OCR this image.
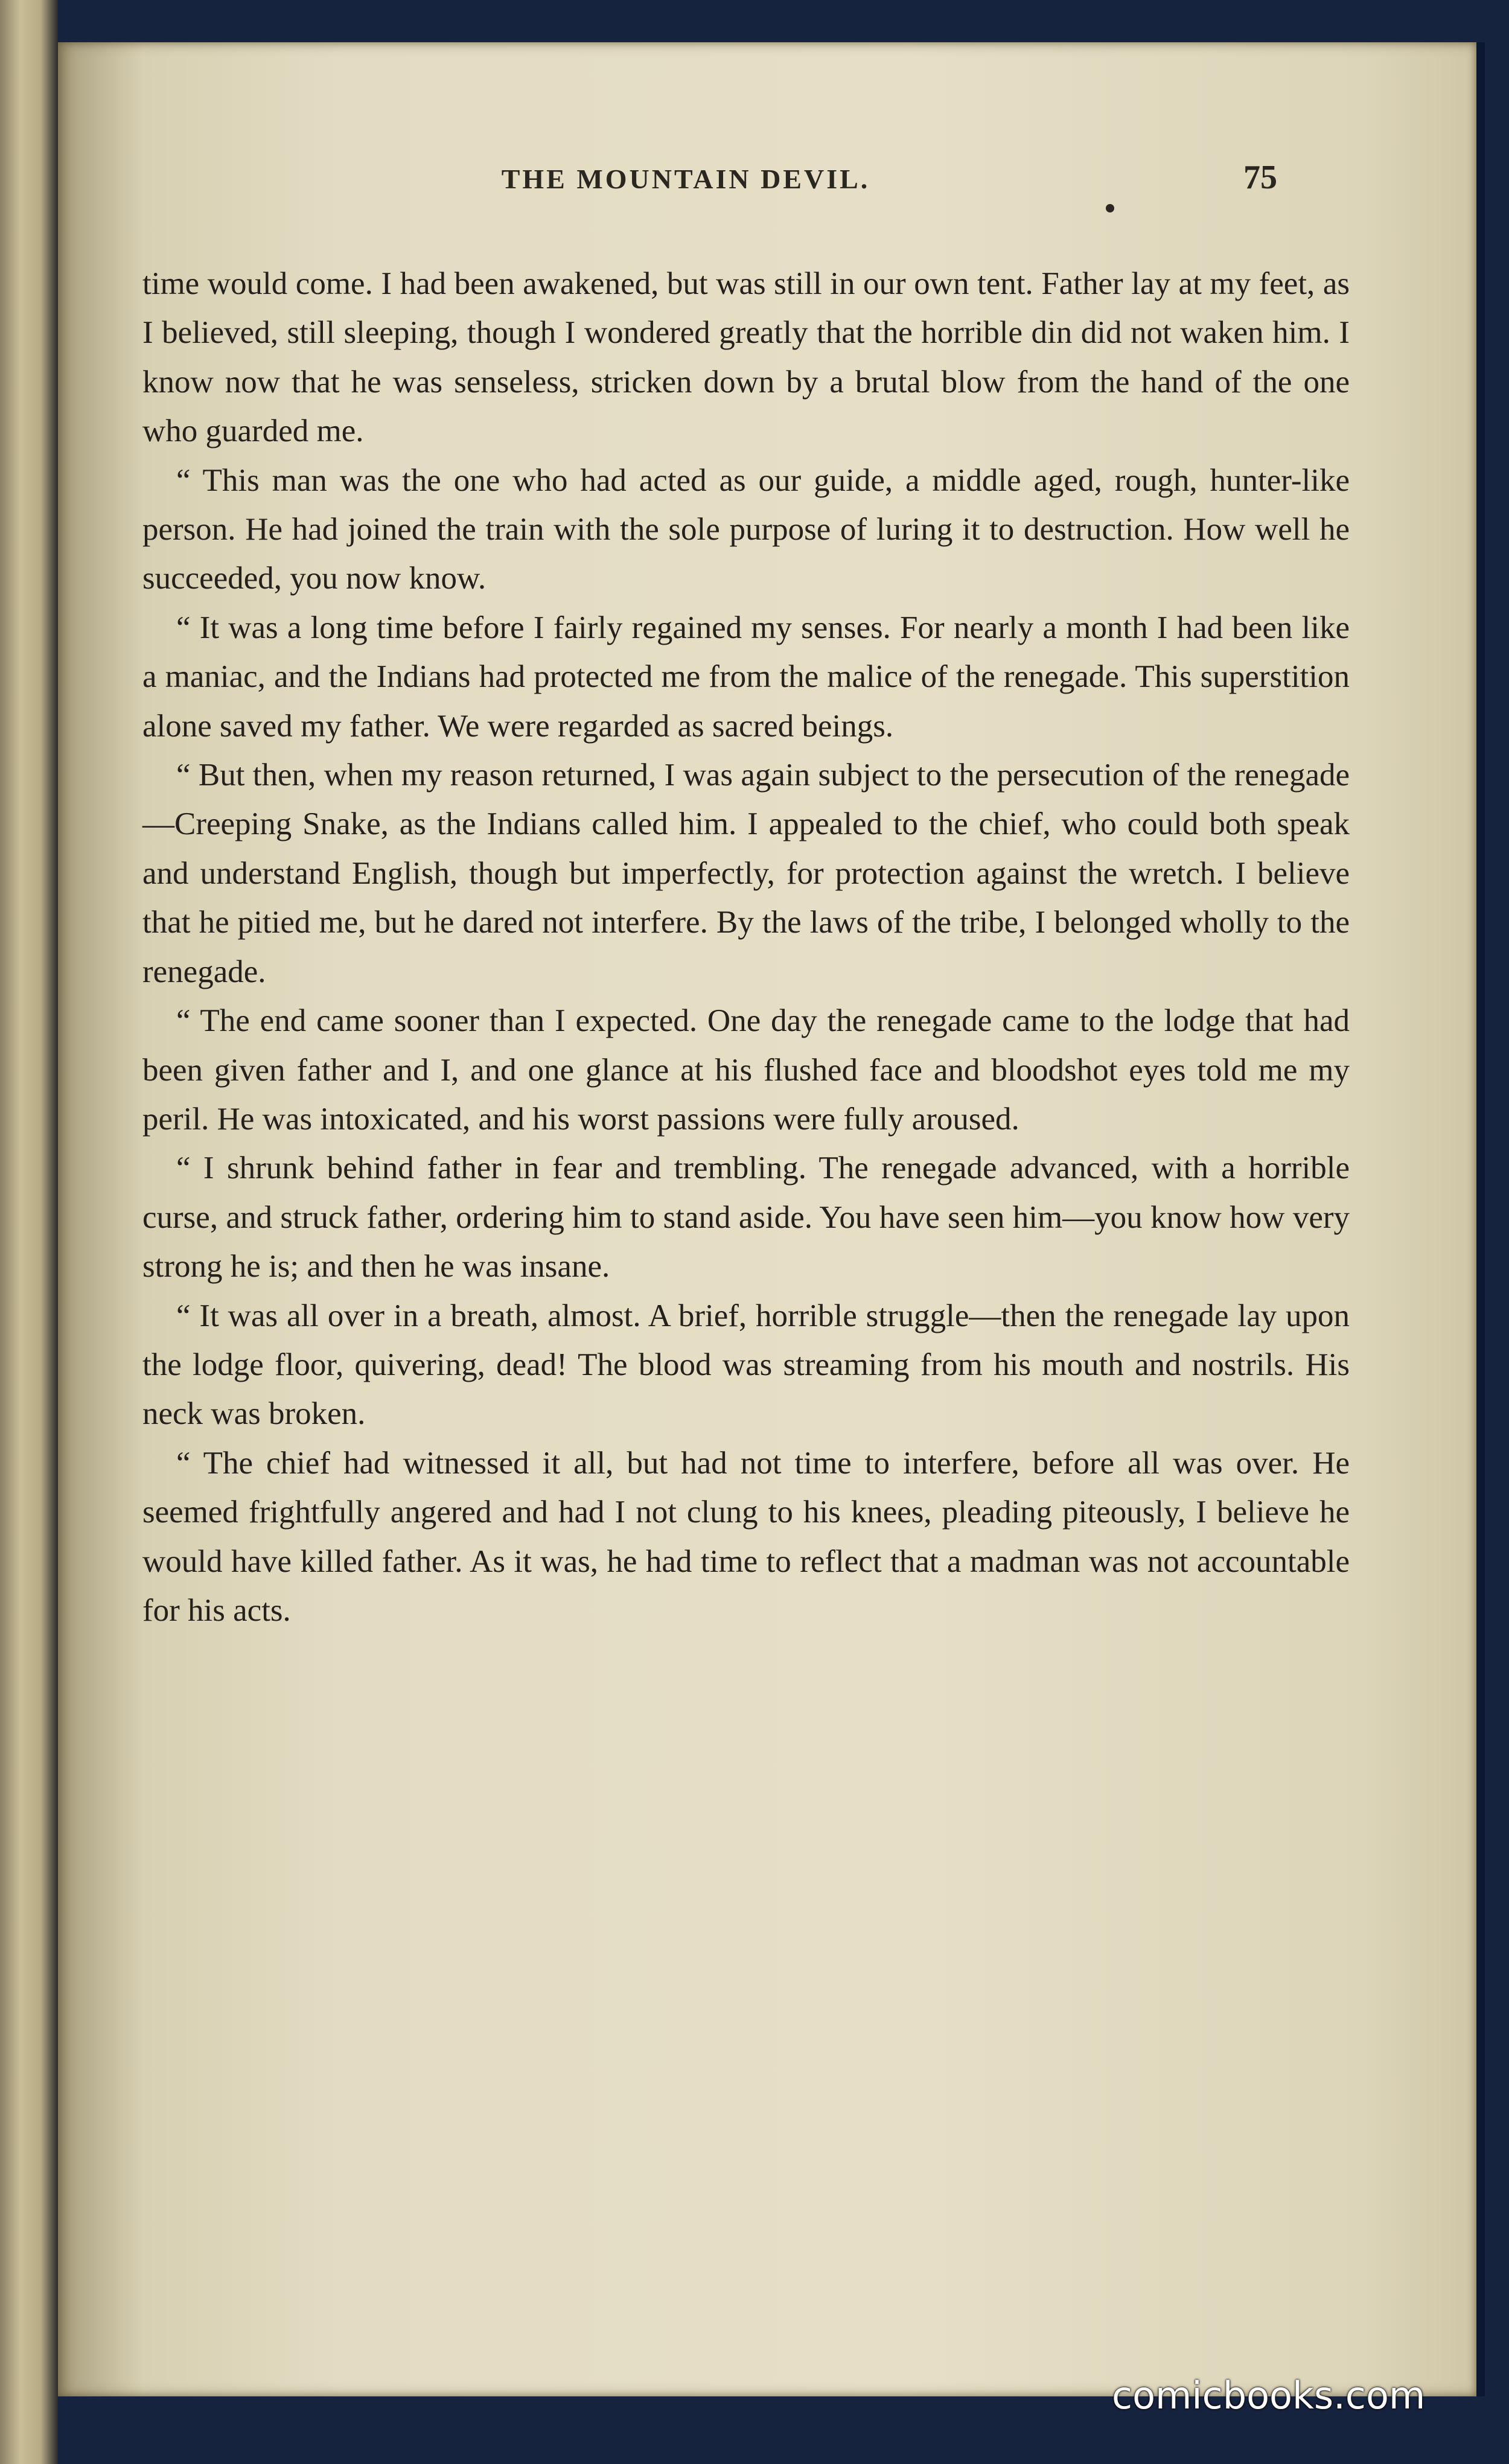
THE MOUNTAIN DEVIL.	75

time would come. I had been awakened, but was still in our own tent. Father lay at my feet, as I believed, still sleeping, though I wondered greatly that the horrible din did not waken him. I know now that he was senseless, stricken down by a brutal blow from the hand of the one who guarded me.

“ This man was the one who had acted as our guide, a middle aged, rough, hunter-like person. He had joined the train with the sole purpose of luring it to destruction. How well he succeeded, you now know.

“ It was a long time before I fairly regained my senses. For nearly a month I had been like a maniac, and the Indians had protected me from the malice of the renegade. This superstition alone saved my father. We were regarded as sacred beings.

“ But then, when my reason returned, I was again subject to the persecution of the renegade—Creeping Snake, as the Indians called him. I appealed to the chief, who could both speak and understand English, though but imperfectly, for protection against the wretch. I believe that he pitied me, but he dared not interfere. By the laws of the tribe, I belonged wholly to the renegade.

“ The end came sooner than I expected. One day the renegade came to the lodge that had been given father and I, and one glance at his flushed face and bloodshot eyes told me my peril. He was intoxicated, and his worst passions were fully aroused.

“ I shrunk behind father in fear and trembling. The renegade advanced, with a horrible curse, and struck father, ordering him to stand aside. You have seen him—you know how very strong he is; and then he was insane.

“ It was all over in a breath, almost. A brief, horrible struggle—then the renegade lay upon the lodge floor, quivering, dead! The blood was streaming from his mouth and nostrils. His neck was broken.

“ The chief had witnessed it all, but had not time to interfere, before all was over. He seemed frightfully angered and had I not clung to his knees, pleading piteously, I believe he would have killed father. As it was, he had time to reflect that a madman was not accountable for his acts.

comicbooks.com
